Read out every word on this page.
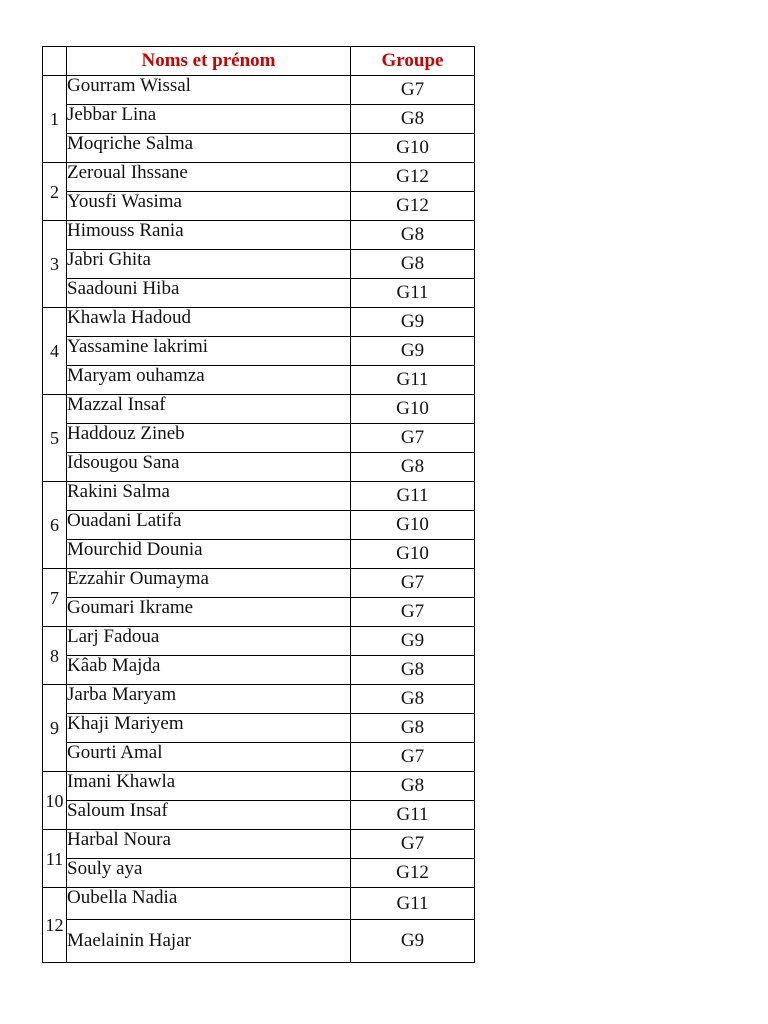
	Noms et prénom	Groupe
1	Gourram Wissal	G7
	Jebbar Lina	G8
	Moqriche Salma	G10
2	Zeroual Ihssane	G12
	Yousfi Wasima	G12
3	Himouss Rania	G8
	Jabri Ghita	G8
	Saadouni Hiba	G11
4	Khawla Hadoud	G9
	Yassamine lakrimi	G9
	Maryam ouhamza	G11
5	Mazzal Insaf	G10
	Haddouz Zineb	G7
	Idsougou Sana	G8
6	Rakini Salma	G11
	Ouadani Latifa	G10
	Mourchid Dounia	G10
7	Ezzahir Oumayma	G7
	Goumari Ikrame	G7
8	Larj Fadoua	G9
	Kâab Majda	G8
9	Jarba Maryam	G8
	Khaji Mariyem	G8
	Gourti Amal	G7
10	Imani Khawla	G8
	Saloum Insaf	G11
11	Harbal Noura	G7
	Souly aya	G12
12	Oubella Nadia	G11
	Maelainin Hajar	G9
